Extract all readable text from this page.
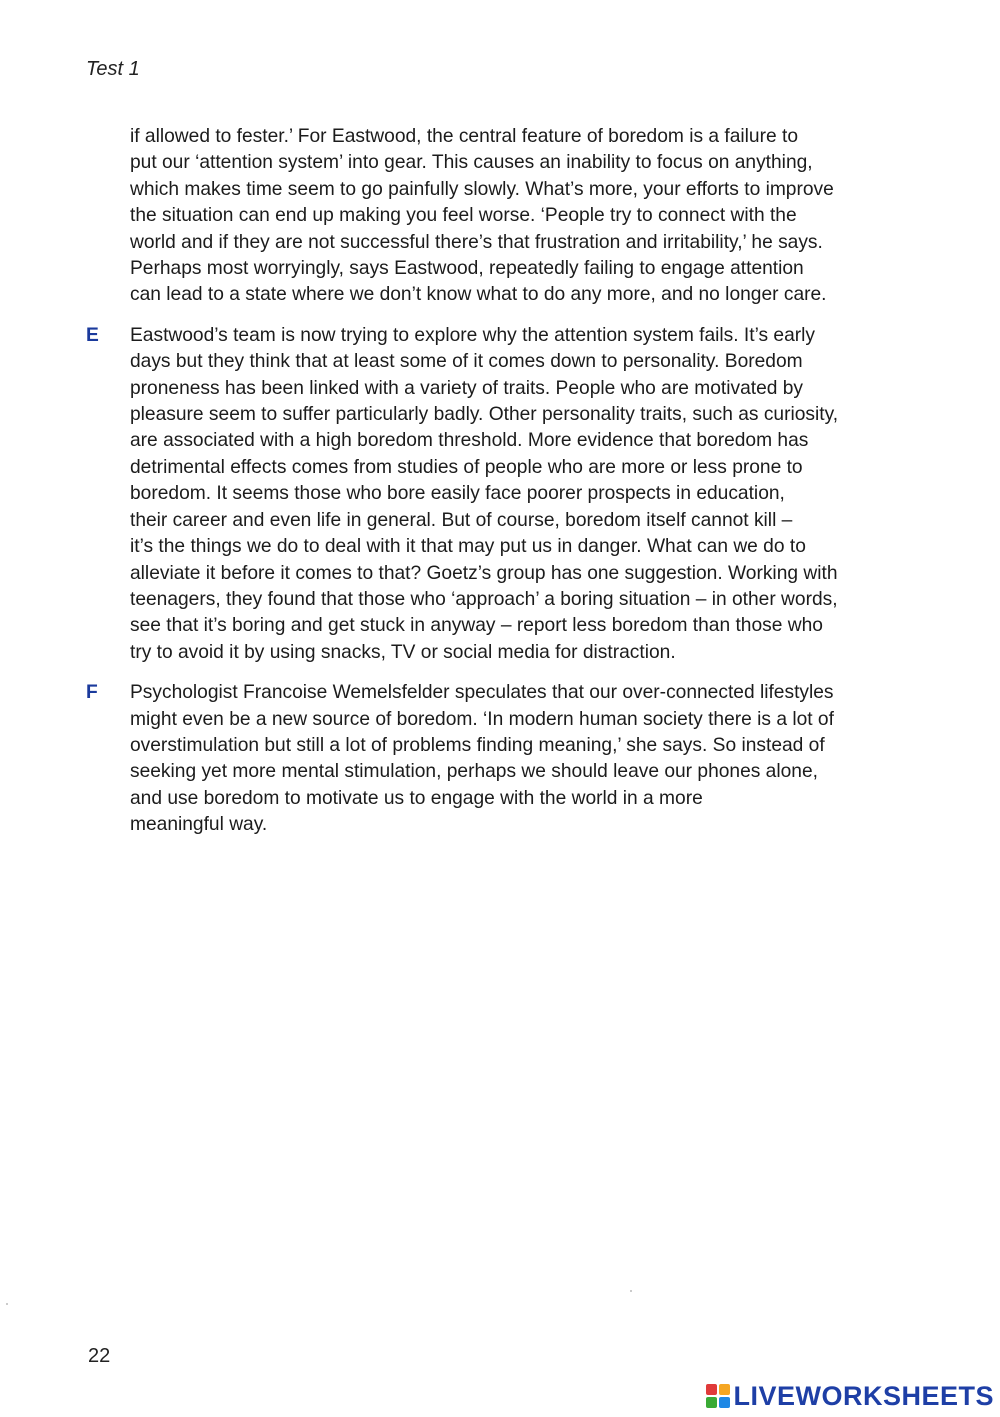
Test 1
if allowed to fester.’ For Eastwood, the central feature of boredom is a failure to
put our ‘attention system’ into gear. This causes an inability to focus on anything,
which makes time seem to go painfully slowly. What’s more, your efforts to improve
the situation can end up making you feel worse. ‘People try to connect with the
world and if they are not successful there’s that frustration and irritability,’ he says.
Perhaps most worryingly, says Eastwood, repeatedly failing to engage attention
can lead to a state where we don’t know what to do any more, and no longer care.
E Eastwood’s team is now trying to explore why the attention system fails. It’s early
days but they think that at least some of it comes down to personality. Boredom
proneness has been linked with a variety of traits. People who are motivated by
pleasure seem to suffer particularly badly. Other personality traits, such as curiosity,
are associated with a high boredom threshold. More evidence that boredom has
detrimental effects comes from studies of people who are more or less prone to
boredom. It seems those who bore easily face poorer prospects in education,
their career and even life in general. But of course, boredom itself cannot kill –
it’s the things we do to deal with it that may put us in danger. What can we do to
alleviate it before it comes to that? Goetz’s group has one suggestion. Working with
teenagers, they found that those who ‘approach’ a boring situation – in other words,
see that it’s boring and get stuck in anyway – report less boredom than those who
try to avoid it by using snacks, TV or social media for distraction.
F Psychologist Francoise Wemelsfelder speculates that our over-connected lifestyles
might even be a new source of boredom. ‘In modern human society there is a lot of
overstimulation but still a lot of problems finding meaning,’ she says. So instead of
seeking yet more mental stimulation, perhaps we should leave our phones alone,
and use boredom to motivate us to engage with the world in a more
meaningful way.
22
LIVEWORKSHEETS
